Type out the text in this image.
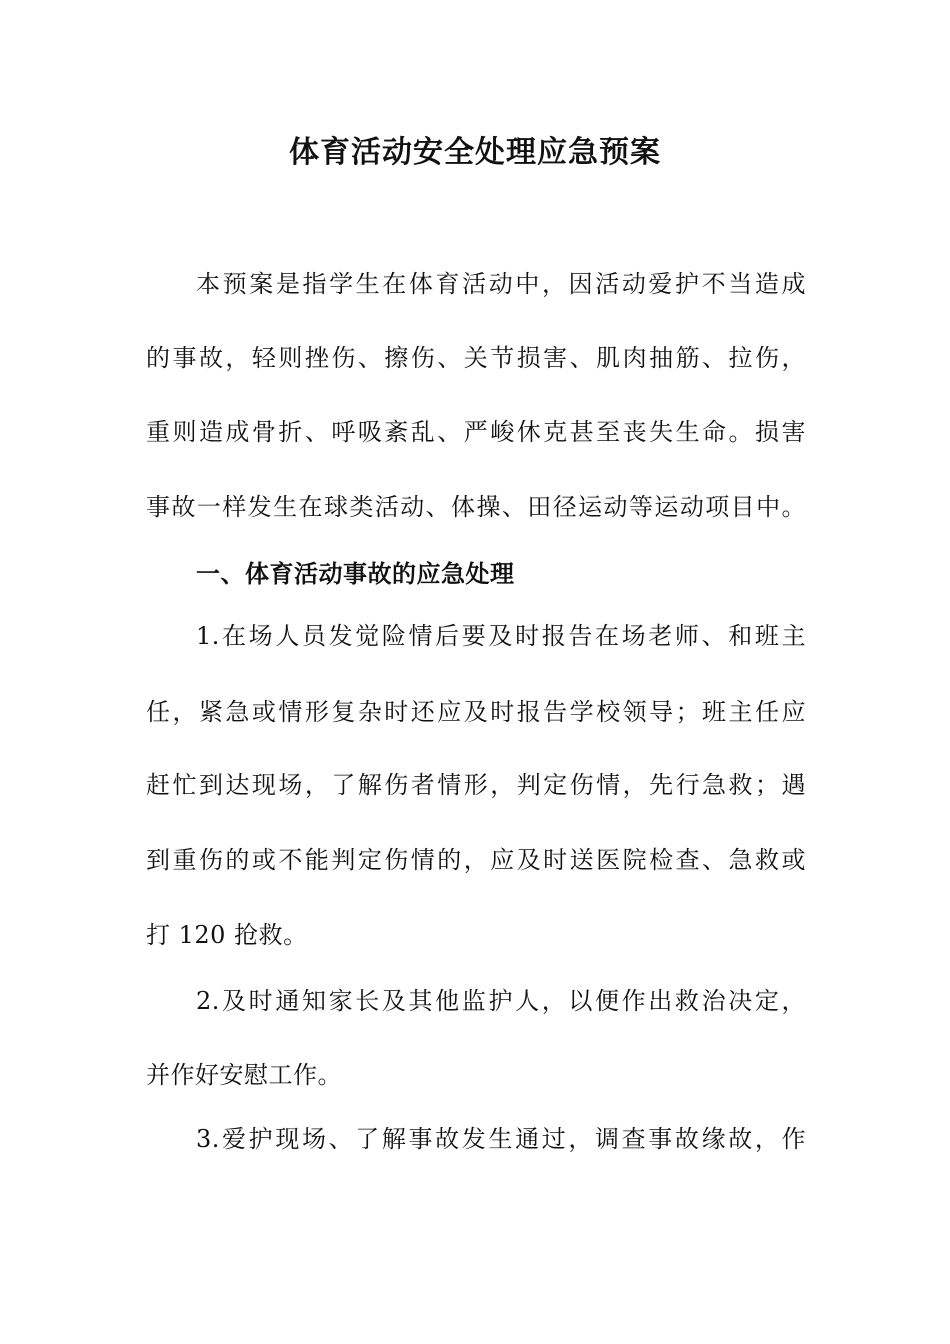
体育活动安全处理应急预案
本预案是指学生在体育活动中，因活动爱护不当造成
的事故，轻则挫伤、擦伤、关节损害、肌肉抽筋、拉伤，
重则造成骨折、呼吸紊乱、严峻休克甚至丧失生命。损害
事故一样发生在球类活动、体操、田径运动等运动项目中。
一、体育活动事故的应急处理
1.在场人员发觉险情后要及时报告在场老师、和班主
任，紧急或情形复杂时还应及时报告学校领导；班主任应
赶忙到达现场，了解伤者情形，判定伤情，先行急救；遇
到重伤的或不能判定伤情的，应及时送医院检查、急救或
打 120 抢救。
2.及时通知家长及其他监护人，以便作出救治决定，
并作好安慰工作。
3.爱护现场、了解事故发生通过，调查事故缘故，作
